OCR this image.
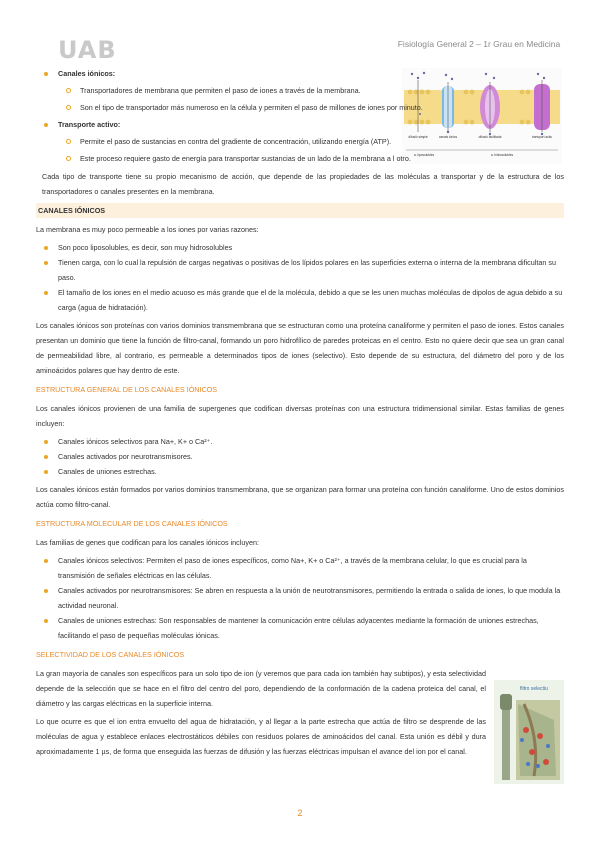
UAB	Fisiología General 2 – 1r Grau en Medicina
difusió simple	canals iònics	difusió facilitada	transport actiu
a. liposolubles	a. hidrosolubles
Canales iónicos:
Transportadores de membrana que permiten el paso de iones a través de la membrana.
Son el tipo de transportador más numeroso en la célula y permiten el paso de millones de iones por minuto.
Transporte activo:
Permite el paso de sustancias en contra del gradiente de concentración, utilizando energía (ATP).
Este proceso requiere gasto de energía para transportar sustancias de un lado de la membrana a l otro.

Cada tipo de transporte tiene su propio mecanismo de acción, que depende de las propiedades de las moléculas a transportar y de la estructura de los transportadores o canales presentes en la membrana.

CANALES IÓNICOS

La membrana es muy poco permeable a los iones por varias razones:

Son poco liposolubles, es decir, son muy hidrosolubles
Tienen carga, con lo cual la repulsión de cargas negativas o positivas de los lípidos polares en las superficies externa o interna de la membrana dificultan su paso.
El tamaño de los iones en el medio acuoso es más grande que el de la molécula, debido a que se les unen muchas moléculas de dipolos de agua debido a su carga (agua de hidratación).

Los canales iónicos son proteínas con varios dominios transmembrana que se estructuran como una proteína canaliforme y permiten el paso de iones. Estos canales presentan un dominio que tiene la función de filtro-canal, formando un poro hidrofílico de paredes proteicas en el centro. Esto no quiere decir que sea un gran canal de permeabilidad libre, al contrario, es permeable a determinados tipos de iones (selectivo). Esto depende de su estructura, del diámetro del poro y de los aminoácidos polares que hay dentro de este.

ESTRUCTURA GENERAL DE LOS CANALES IÓNICOS

Los canales iónicos provienen de una familia de supergenes que codifican diversas proteínas con una estructura tridimensional similar. Estas familias de genes incluyen:

Canales iónicos selectivos para Na+, K+ o Ca²⁺.
Canales activados por neurotransmisores.
Canales de uniones estrechas.

Los canales iónicos están formados por varios dominios transmembrana, que se organizan para formar una proteína con función canaliforme. Uno de estos dominios actúa como filtro-canal.

ESTRUCTURA MOLECULAR DE LOS CANALES IÓNICOS

Las familias de genes que codifican para los canales iónicos incluyen:

Canales iónicos selectivos: Permiten el paso de iones específicos, como Na+, K+ o Ca²⁺, a través de la membrana celular, lo que es crucial para la transmisión de señales eléctricas en las células.
Canales activados por neurotransmisores: Se abren en respuesta a la unión de neurotransmisores, permitiendo la entrada o salida de iones, lo que modula la actividad neuronal.
Canales de uniones estrechas: Son responsables de mantener la comunicación entre células adyacentes mediante la formación de uniones estrechas, facilitando el paso de pequeñas moléculas iónicas.
SELECTIVIDAD DE LOS CANALES IÓNICOS

La gran mayoría de canales son específicos para un solo tipo de ion (y veremos que para cada ion también hay subtipos), y esta selectividad depende de la selección que se hace en el filtro del centro del poro, dependiendo de la conformación de la cadena proteica del canal, el diámetro y las cargas eléctricas en la superficie interna.

Lo que ocurre es que el ion entra envuelto del agua de hidratación, y al llegar a la parte estrecha que actúa de filtro se desprende de las moléculas de agua y establece enlaces electrostáticos débiles con residuos polares de aminoácidos del canal. Esta unión es débil y dura aproximadamente 1 µs, de forma que enseguida las fuerzas de difusión y las fuerzas eléctricas impulsan el avance del ion por el canal.

filtro selectiu
2
